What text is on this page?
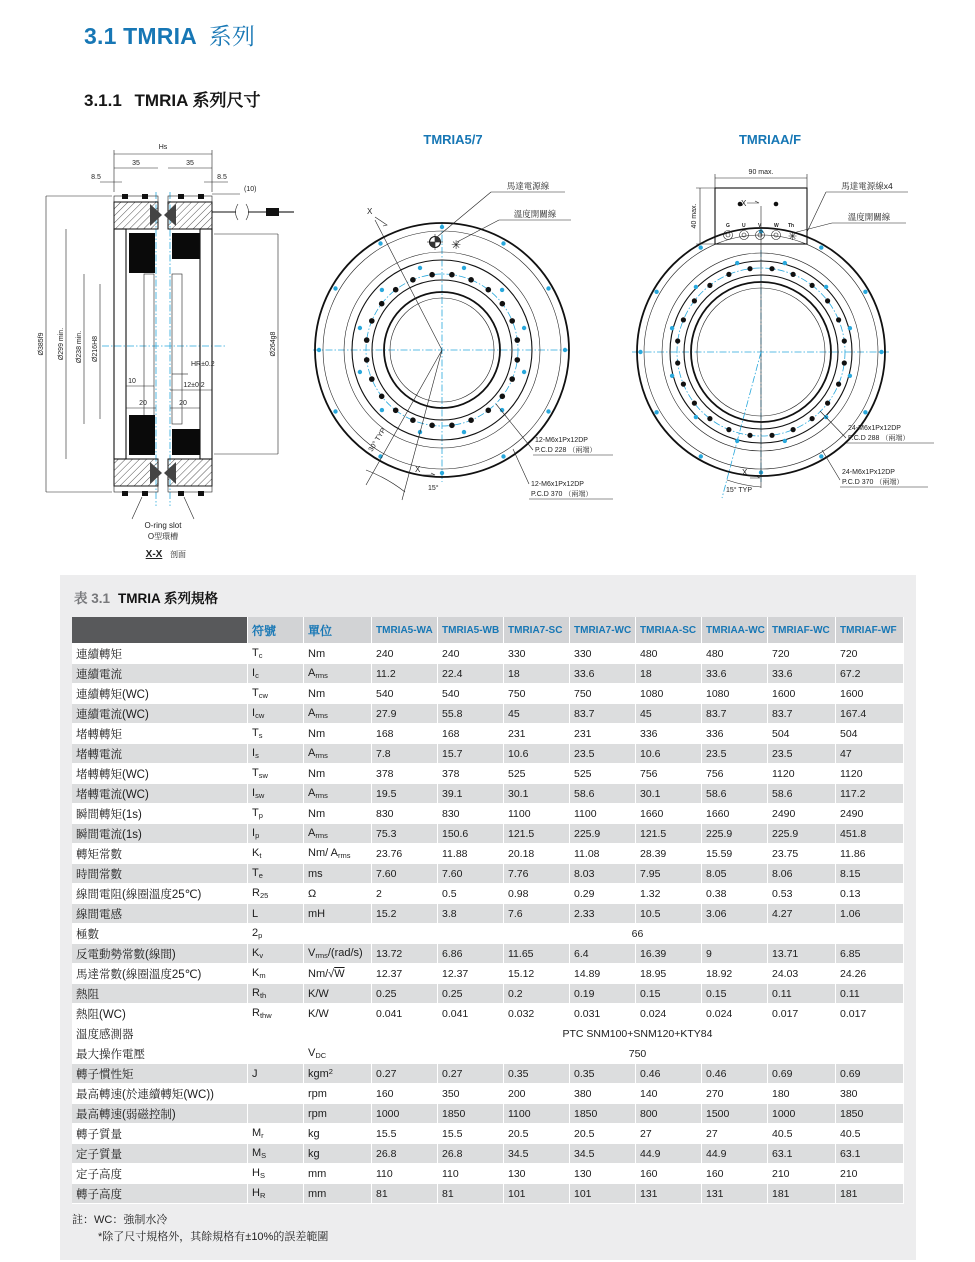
3.1 TMRIA 系列
3.1.1 TMRIA 系列尺寸
Hs
35	35
8.5	8.5
(10)
Ø385f9 Ø299 min. Ø238 min. Ø216H8	Ø264g8
HR±0.2
10
12±0.2
20	20
O-ring slot
O型環槽
X-X 剖面
TMRIA5/7
✳
馬達電源線
溫度開關線
X
30° TYP
X
15°
12-M6x1Px12DP
P.C.D 228 （兩端）
12-M6x1Px12DP
P.C.D 370 （兩端）
TMRIAA/F
✳
G U V	W Th
90 max.
40 max.
X
馬達電源線x4
溫度開關線
X
15° TYP
24-M6x1Px12DP
P.C.D 288 （兩端）
24-M6x1Px12DP
P.C.D 370 （兩端）
表 3.1 TMRIA 系列規格
	符號	單位	TMRIA5-WA	TMRIA5-WB	TMRIA7-SC	TMRIA7-WC	TMRIAA-SC	TMRIAA-WC	TMRIAF-WC	TMRIAF-WF
連續轉矩	$T_c$	Nm	240	240	330	330	480	480	720	720
連續電流	$I_c$	$A_{rms}$	11.2	22.4	18	33.6	18	33.6	33.6	67.2
連續轉矩(WC)	$T_{cw}$	Nm	540	540	750	750	1080	1080	1600	1600
連續電流(WC)	$I_{cw}$	$A_{rms}$	27.9	55.8	45	83.7	45	83.7	83.7	167.4
堵轉轉矩	$T_s$	Nm	168	168	231	231	336	336	504	504
堵轉電流	$I_s$	$A_{rms}$	7.8	15.7	10.6	23.5	10.6	23.5	23.5	47
堵轉轉矩(WC)	$T_{sw}$	Nm	378	378	525	525	756	756	1120	1120
堵轉電流(WC)	$I_{sw}$	$A_{rms}$	19.5	39.1	30.1	58.6	30.1	58.6	58.6	117.2
瞬間轉矩(1s)	$T_p$	Nm	830	830	1100	1100	1660	1660	2490	2490
瞬間電流(1s)	$I_p$	$A_{rms}$	75.3	150.6	121.5	225.9	121.5	225.9	225.9	451.8
轉矩常數	$K_t$	Nm/ $A_{rms}$	23.76	11.88	20.18	11.08	28.39	15.59	23.75	11.86
時間常數	$T_e$	ms	7.60	7.60	7.76	8.03	7.95	8.05	8.06	8.15
線間電阻(線圈溫度25℃)	$R_{25}$	Ω	2	0.5	0.98	0.29	1.32	0.38	0.53	0.13
線間電感	L	mH	15.2	3.8	7.6	2.33	10.5	3.06	4.27	1.06
極數	$2_p$		66							
反電動勢常數(線間)	$K_v$	$V_{rms}/(rad/s)$	13.72	6.86	11.65	6.4	16.39	9	13.71	6.85
馬達常數(線圈溫度25℃)	$K_m$	Nm/√W	12.37	12.37	15.12	14.89	18.95	18.92	24.03	24.26
熱阻	$R_{th}$	K/W	0.25	0.25	0.2	0.19	0.15	0.15	0.11	0.11
熱阻(WC)	$R_{thw}$	K/W	0.041	0.041	0.032	0.031	0.024	0.024	0.017	0.017
溫度感測器			PTC SNM100+SNM120+KTY84							
最大操作電壓		$V_{DC}$	750							
轉子慣性矩	J	kgm$^2$	0.27	0.27	0.35	0.35	0.46	0.46	0.69	0.69
最高轉速(於連續轉矩(WC))		rpm	160	350	200	380	140	270	180	380
最高轉速(弱磁控制)		rpm	1000	1850	1100	1850	800	1500	1000	1850
轉子質量	$M_r$	kg	15.5	15.5	20.5	20.5	27	27	40.5	40.5
定子質量	$M_S$	kg	26.8	26.8	34.5	34.5	44.9	44.9	63.1	63.1
定子高度	$H_S$	mm	110	110	130	130	160	160	210	210
轉子高度	$H_R$	mm	81	81	101	101	131	131	181	181
註：WC：強制水冷
*除了尺寸規格外，其餘規格有±10%的誤差範圍
